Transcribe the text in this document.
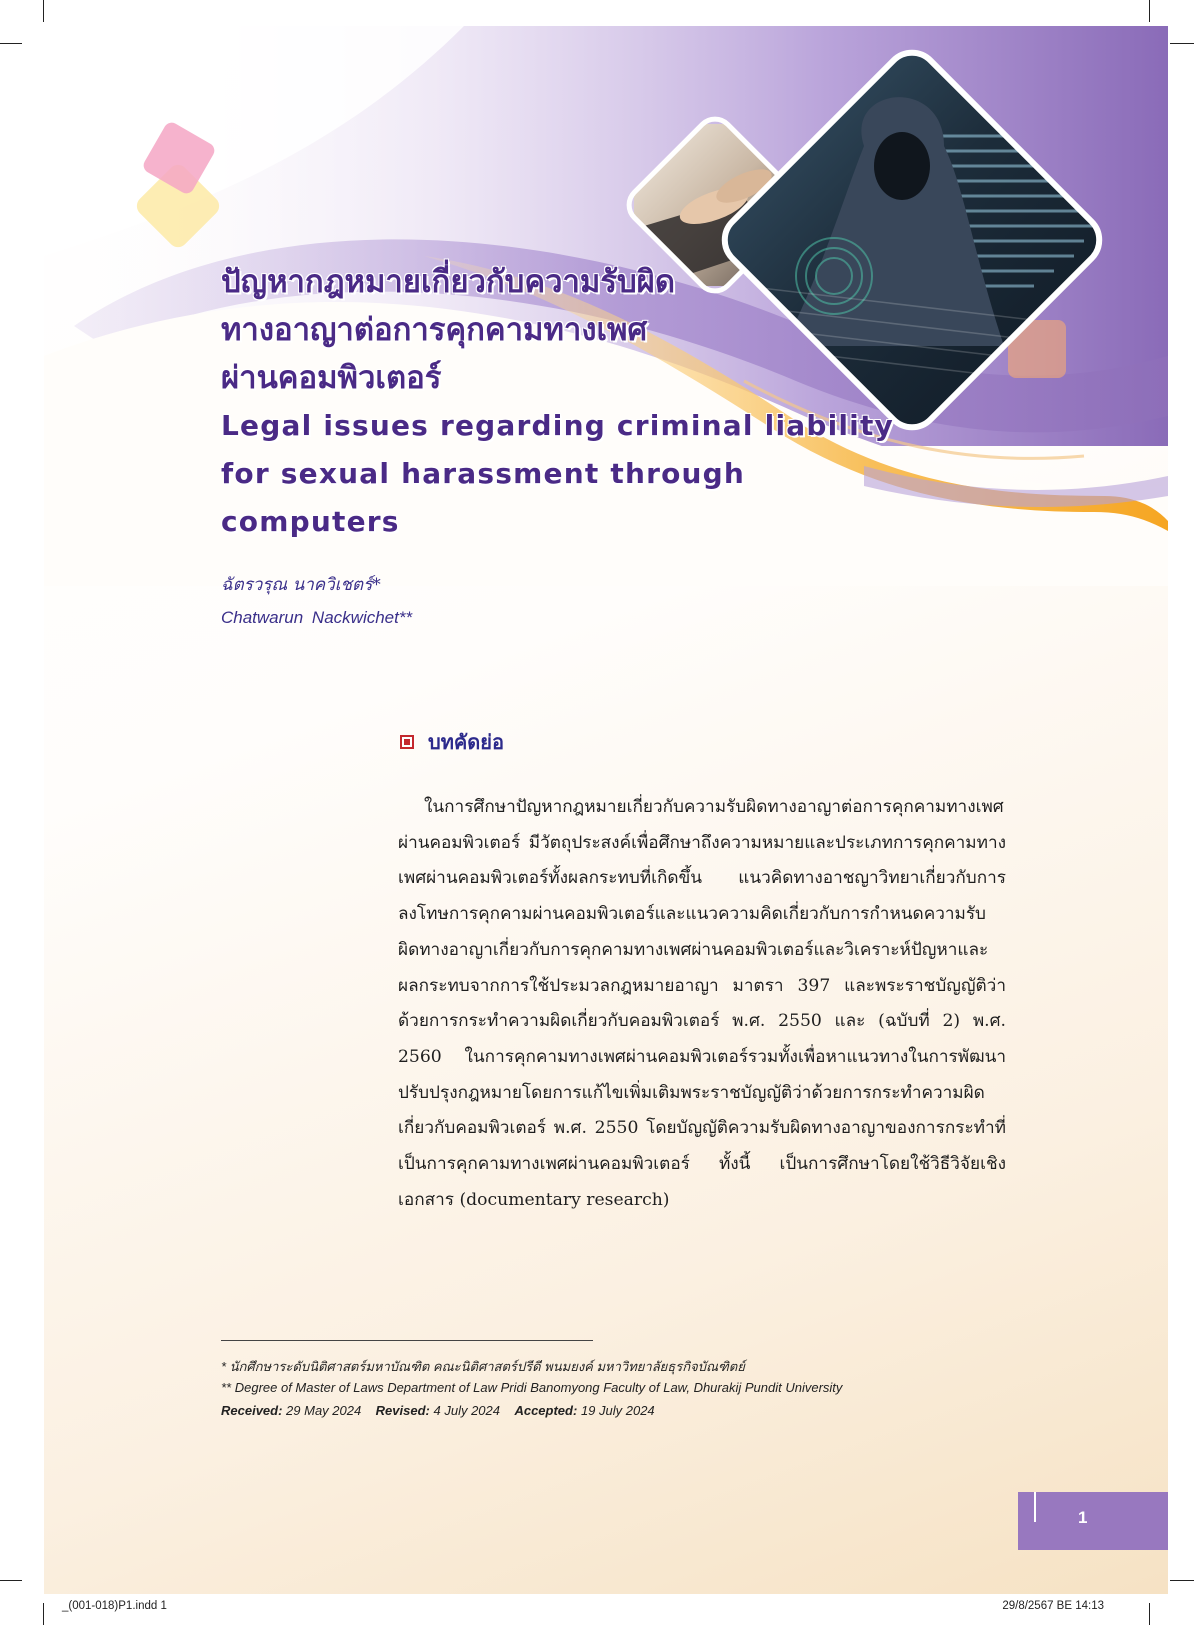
ปัญหากฎหมายเกี่ยวกับความรับผิด

ทางอาญาต่อการคุกคามทางเพศ

ผ่านคอมพิวเตอร์

Legal issues regarding criminal liability

for sexual harassment through

computers

ฉัตรวรุณ นาควิเชตร์*
Chatwarun Nackwichet**
บทคัดย่อ

ในการศึกษาปัญหากฎหมายเกี่ยวกับความรับผิดทางอาญาต่อการคุกคามทางเพศผ่านคอมพิวเตอร์ มีวัตถุประสงค์เพื่อศึกษาถึงความหมายและประเภทการคุกคามทางเพศผ่านคอมพิวเตอร์ทั้งผลกระทบที่เกิดขึ้น แนวคิดทางอาชญาวิทยาเกี่ยวกับการลงโทษการคุกคามผ่านคอมพิวเตอร์และแนวความคิดเกี่ยวกับการกำหนดความรับผิดทางอาญาเกี่ยวกับการคุกคามทางเพศผ่านคอมพิวเตอร์และวิเคราะห์ปัญหาและผลกระทบจากการใช้ประมวลกฎหมายอาญา มาตรา 397 และพระราชบัญญัติว่าด้วยการกระทำความผิดเกี่ยวกับคอมพิวเตอร์ พ.ศ. 2550 และ (ฉบับที่ 2) พ.ศ. 2560 ในการคุกคามทางเพศผ่านคอมพิวเตอร์รวมทั้งเพื่อหาแนวทางในการพัฒนาปรับปรุงกฎหมายโดยการแก้ไขเพิ่มเติมพระราชบัญญัติว่าด้วยการกระทำความผิดเกี่ยวกับคอมพิวเตอร์ พ.ศ. 2550 โดยบัญญัติความรับผิดทางอาญาของการกระทำที่เป็นการคุกคามทางเพศผ่านคอมพิวเตอร์ ทั้งนี้ เป็นการศึกษาโดยใช้วิธีวิจัยเชิงเอกสาร (documentary research)

* นักศึกษาระดับนิติศาสตร์มหาบัณฑิต คณะนิติศาสตร์ปรีดี พนมยงค์ มหาวิทยาลัยธุรกิจบัณฑิตย์
** Degree of Master of Laws Department of Law Pridi Banomyong Faculty of Law, Dhurakij Pundit University
Received: 29 May 2024 Revised: 4 July 2024 Accepted: 19 July 2024
1
_(001-018)P1.indd 1	29/8/2567 BE 14:13
